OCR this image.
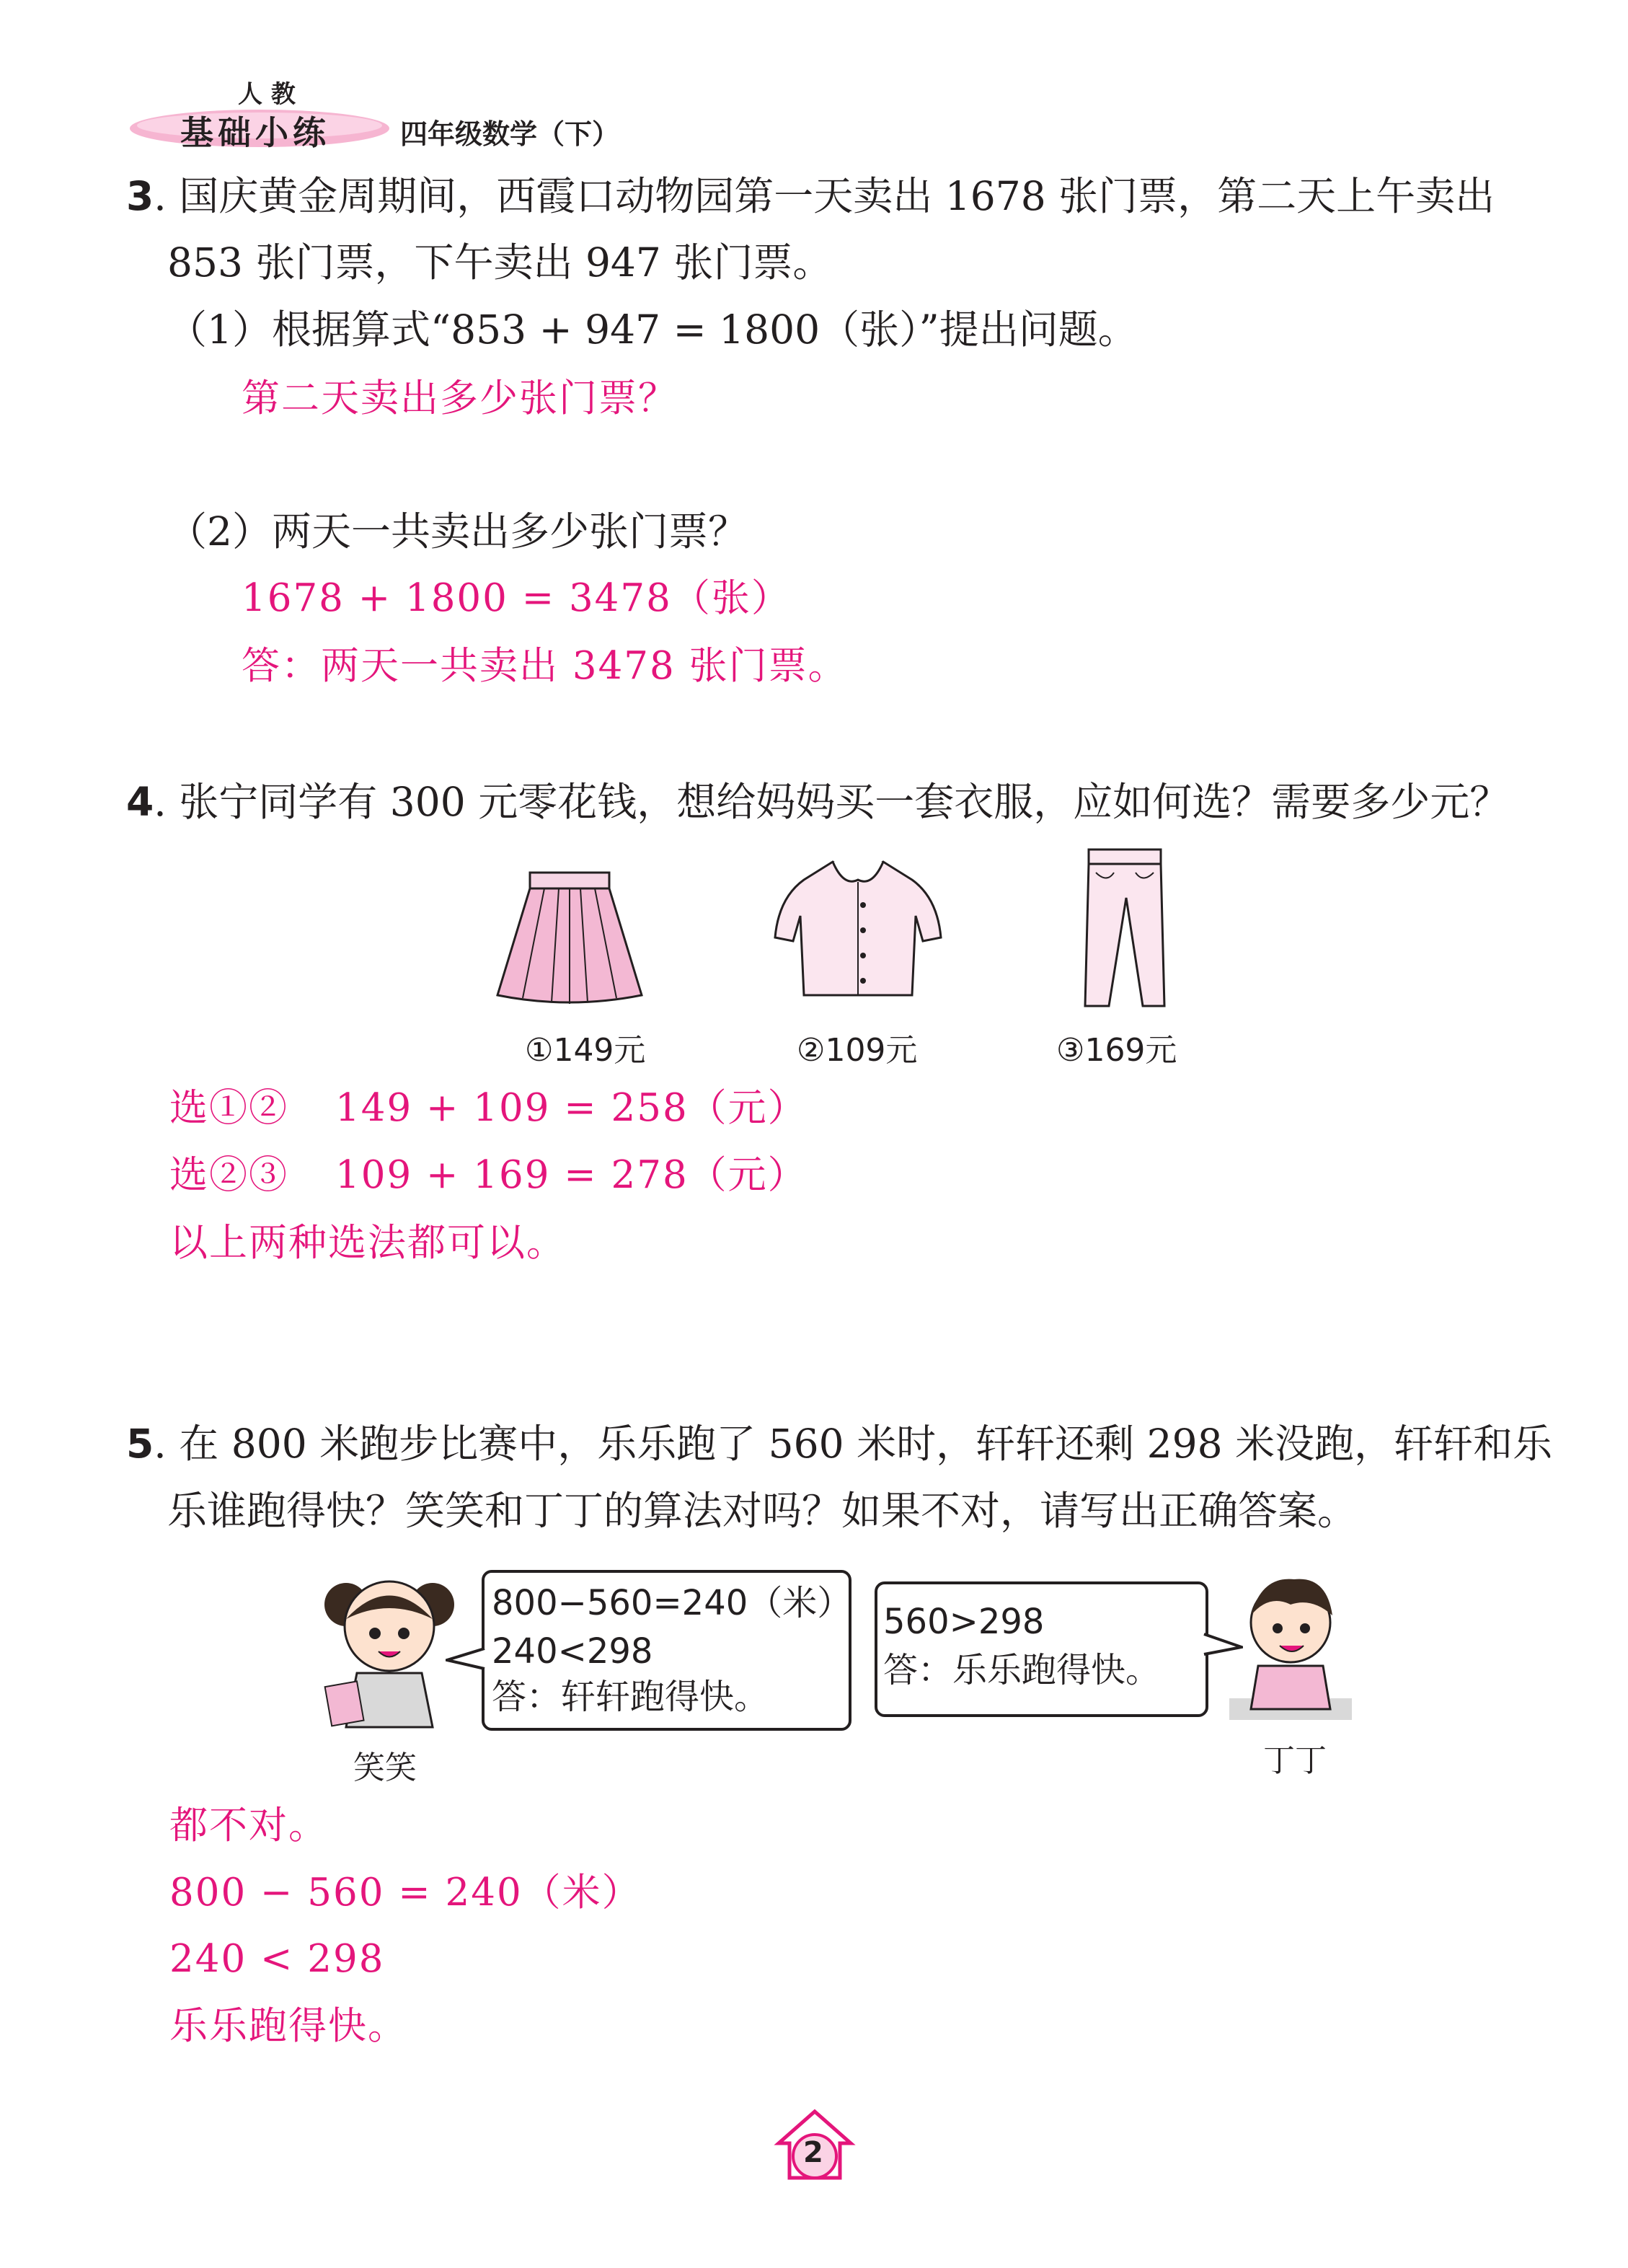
人 教
基础小练	四年级数学（下）
3. 国庆黄金周期间，西霞口动物园第一天卖出 1678 张门票，第二天上午卖出
853 张门票，下午卖出 947 张门票。
（1）根据算式“853 + 947 = 1800（张）”提出问题。
第二天卖出多少张门票？
（2）两天一共卖出多少张门票？
1678 + 1800 = 3478（张）
答：两天一共卖出 3478 张门票。
4. 张宁同学有 300 元零花钱，想给妈妈买一套衣服，应如何选？需要多少元？
①149元	②109元	③169元
选①② 149 + 109 = 258（元）
选②③ 109 + 169 = 278（元）
以上两种选法都可以。
5. 在 800 米跑步比赛中，乐乐跑了 560 米时，轩轩还剩 298 米没跑，轩轩和乐
乐谁跑得快？笑笑和丁丁的算法对吗？如果不对，请写出正确答案。
笑笑
800−560=240（米）
240<298
答：轩轩跑得快。
560>298
答：乐乐跑得快。
丁丁
都不对。
800 − 560 = 240（米）
240 < 298
乐乐跑得快。
2
